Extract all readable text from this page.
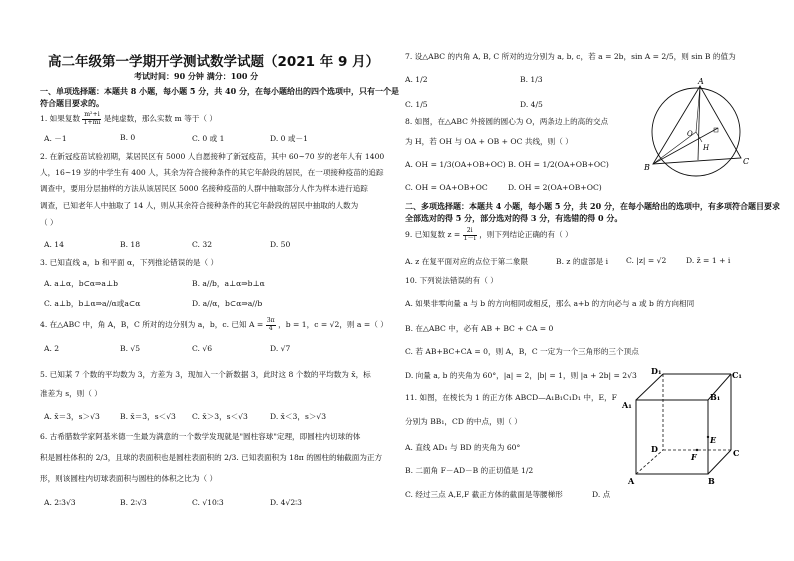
高二年级第一学期开学测试数学试题（2021 年 9 月）
考试时间：90 分钟 满分：100 分
一、单项选择题：本题共 8 小题，每小题 5 分，共 40 分，在每小题给出的四个选项中，只有一个是
符合题目要求的。
1. 如果复数 $\frac{\text{m²+i}}{1+mi}$ 是纯虚数，那么实数 m 等于（ ）
A. －1	B. 0	C. 0 或 1	D. 0 或－1
2. 在新冠疫苗试验初期，某居民区有 5000 人自愿接种了新冠疫苗，其中 60~70 岁的老年人有 1400
人，16~19 岁的中学生有 400 人，其余为符合接种条件的其它年龄段的居民，在一项接种疫苗的追踪
调查中，要用分层抽样的方法从该居民区 5000 名接种疫苗的人群中抽取部分人作为样本进行追踪
调查，已知老年人中抽取了 14 人，则从其余符合接种条件的其它年龄段的居民中抽取的人数为
（ ）
A. 14	B. 18	C. 32	D. 50
3. 已知直线 a，b 和平面 α，下列推论错误的是（ ）
A. a⊥α，b⊂α⇒a⊥b	B. a//b，a⊥α⇒b⊥α
C. a⊥b，b⊥α⇒a//α或a⊂α	D. a//α，b⊂α⇒a//b
4. 在△ABC 中，角 A，B，C 所对的边分别为 a，b，c. 已知 $A = \frac{3\pi}{4}$ ，b = 1，c = √2，则 a =（ ）
A. 2	B. √5	C. √6	D. √7
5. 已知某 7 个数的平均数为 3，方差为 3，现加入一个新数据 3，此时这 8 个数的平均数为 x̄，标
准差为 s，则（ ）
A. x̄＝3，s＞√3	B. x̄＝3，s＜√3 C. x̄＞3，s＜√3	D. x̄＜3，s＞√3
6. 古希腊数学家阿基米德一生最为满意的一个数学发现就是"圆柱容球"定理，即圆柱内切球的体
积是圆柱体积的 2/3，且球的表面积也是圆柱表面积的 2/3. 已知表面积为 18π 的圆柱的轴截面为正方
形，则该圆柱内切球表面积与圆柱的体积之比为（ ）
A. 2∶3√3	B. 2∶√3	C. √10∶3	D. 4√2∶3
7. 设△ABC 的内角 A, B, C 所对的边分别为 a, b, c，若 a = 2b，sin A = 2/5，则 sin B 的值为
A. 1/2	B. 1/3
C. 1/5	D. 4/5
8. 如图，在△ABC 外接圆的圆心为 O，两条边上的高的交点
为 H，若 OH 与 OA + OB + OC 共线，则（ ）
A. OH = 1/3(OA+OB+OC) B. OH = 1/2(OA+OB+OC)
C. OH = OA+OB+OC	D. OH = 2(OA+OB+OC)
A
B
C
O
H
二、多项选择题：本题共 4 小题，每小题 5 分，共 20 分，在每小题给出的选项中，有多项符合题目要求
全部选对的得 5 分，部分选对的得 3 分，有选错的得 0 分。
9. 已知复数 $z = \frac{2i}{1-i}$ ，则下列结论正确的有（ ）
A. z 在复平面对应的点位于第二象限	B. z 的虚部是 i C. |z| = √2	D. z̄ = 1 + i
10. 下列说法错误的有（ ）
A. 如果非零向量 a 与 b 的方向相同或相反，那么 a+b 的方向必与 a 或 b 的方向相同
B. 在△ABC 中，必有 AB + BC + CA = 0
C. 若 AB+BC+CA = 0，则 A，B，C 一定为一个三角形的三个顶点
D. 向量 a, b 的夹角为 60°，|a| = 2，|b| = 1，则 |a + 2b| = 2√3
11. 如图，在棱长为 1 的正方体 ABCD—A₁B₁C₁D₁ 中，E，F
分别为 BB₁，CD 的中点，则（ ）
A. 直线 AD₁ 与 BD 的夹角为 60°
B. 二面角 F－AD－B 的正切值是 1/2
C. 经过三点 A,E,F 截正方体的截面是等腰梯形	D. 点
D₁	C₁
A₁
B₁
D	C
A	B
E
F
